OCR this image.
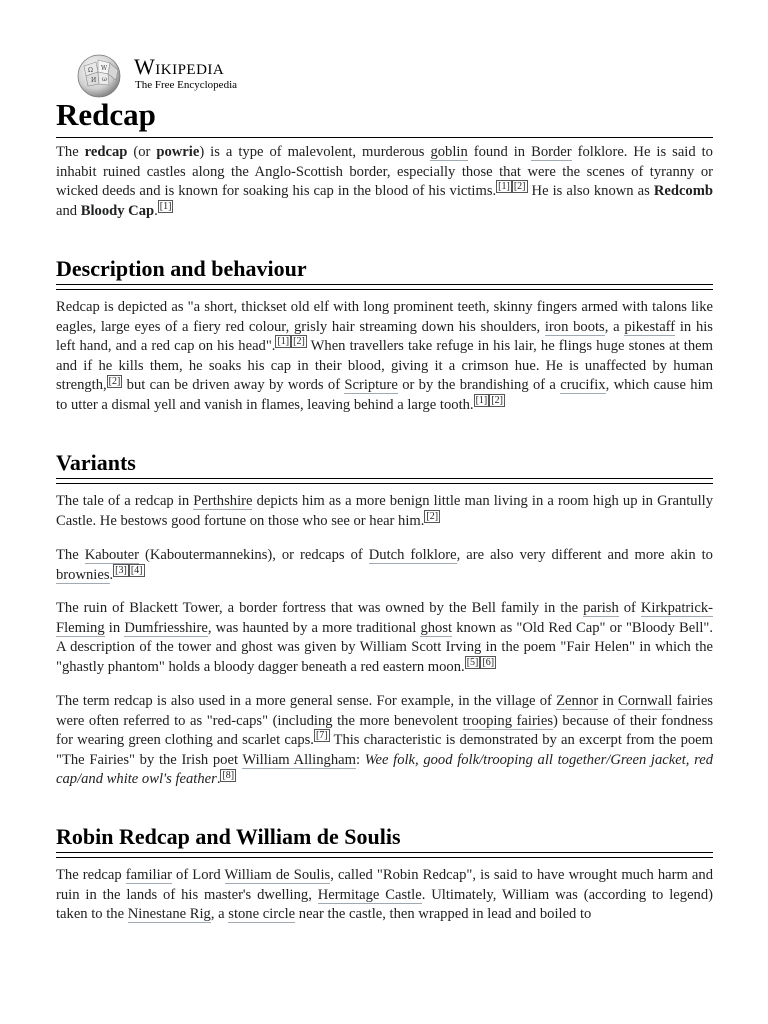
Ω W
И ω
Wikipedia
The Free Encyclopedia
Redcap

The redcap (or powrie) is a type of malevolent, murderous goblin found in Border folklore. He is said to inhabit ruined castles along the Anglo-Scottish border, especially those that were the scenes of tyranny or wicked deeds and is known for soaking his cap in the blood of his victims. [1] [2] He is also known as Redcomb and Bloody Cap. [1]

Description and behaviour

Redcap is depicted as "a short, thickset old elf with long prominent teeth, skinny fingers armed with talons like eagles, large eyes of a fiery red colour, grisly hair streaming down his shoulders, iron boots, a pikestaff in his left hand, and a red cap on his head". [1] [2] When travellers take refuge in his lair, he flings huge stones at them and if he kills them, he soaks his cap in their blood, giving it a crimson hue. He is unaffected by human strength, [2] but can be driven away by words of Scripture or by the brandishing of a crucifix, which cause him to utter a dismal yell and vanish in flames, leaving behind a large tooth. [1] [2]

Variants

The tale of a redcap in Perthshire depicts him as a more benign little man living in a room high up in Grantully Castle. He bestows good fortune on those who see or hear him. [2]

The Kabouter (Kaboutermannekins), or redcaps of Dutch folklore, are also very different and more akin to brownies. [3] [4]

The ruin of Blackett Tower, a border fortress that was owned by the Bell family in the parish of Kirkpatrick-Fleming in Dumfriesshire, was haunted by a more traditional ghost known as "Old Red Cap" or "Bloody Bell". A description of the tower and ghost was given by William Scott Irving in the poem "Fair Helen" in which the "ghastly phantom" holds a bloody dagger beneath a red eastern moon. [5] [6]

The term redcap is also used in a more general sense. For example, in the village of Zennor in Cornwall fairies were often referred to as "red-caps" (including the more benevolent trooping fairies) because of their fondness for wearing green clothing and scarlet caps. [7] This characteristic is demonstrated by an excerpt from the poem "The Fairies" by the Irish poet William Allingham: Wee folk, good folk/trooping all together/Green jacket, red cap/and white owl's feather. [8]

Robin Redcap and William de Soulis

The redcap familiar of Lord William de Soulis, called "Robin Redcap", is said to have wrought much harm and ruin in the lands of his master's dwelling, Hermitage Castle. Ultimately, William was (according to legend) taken to the Ninestane Rig, a stone circle near the castle, then wrapped in lead and boiled to
